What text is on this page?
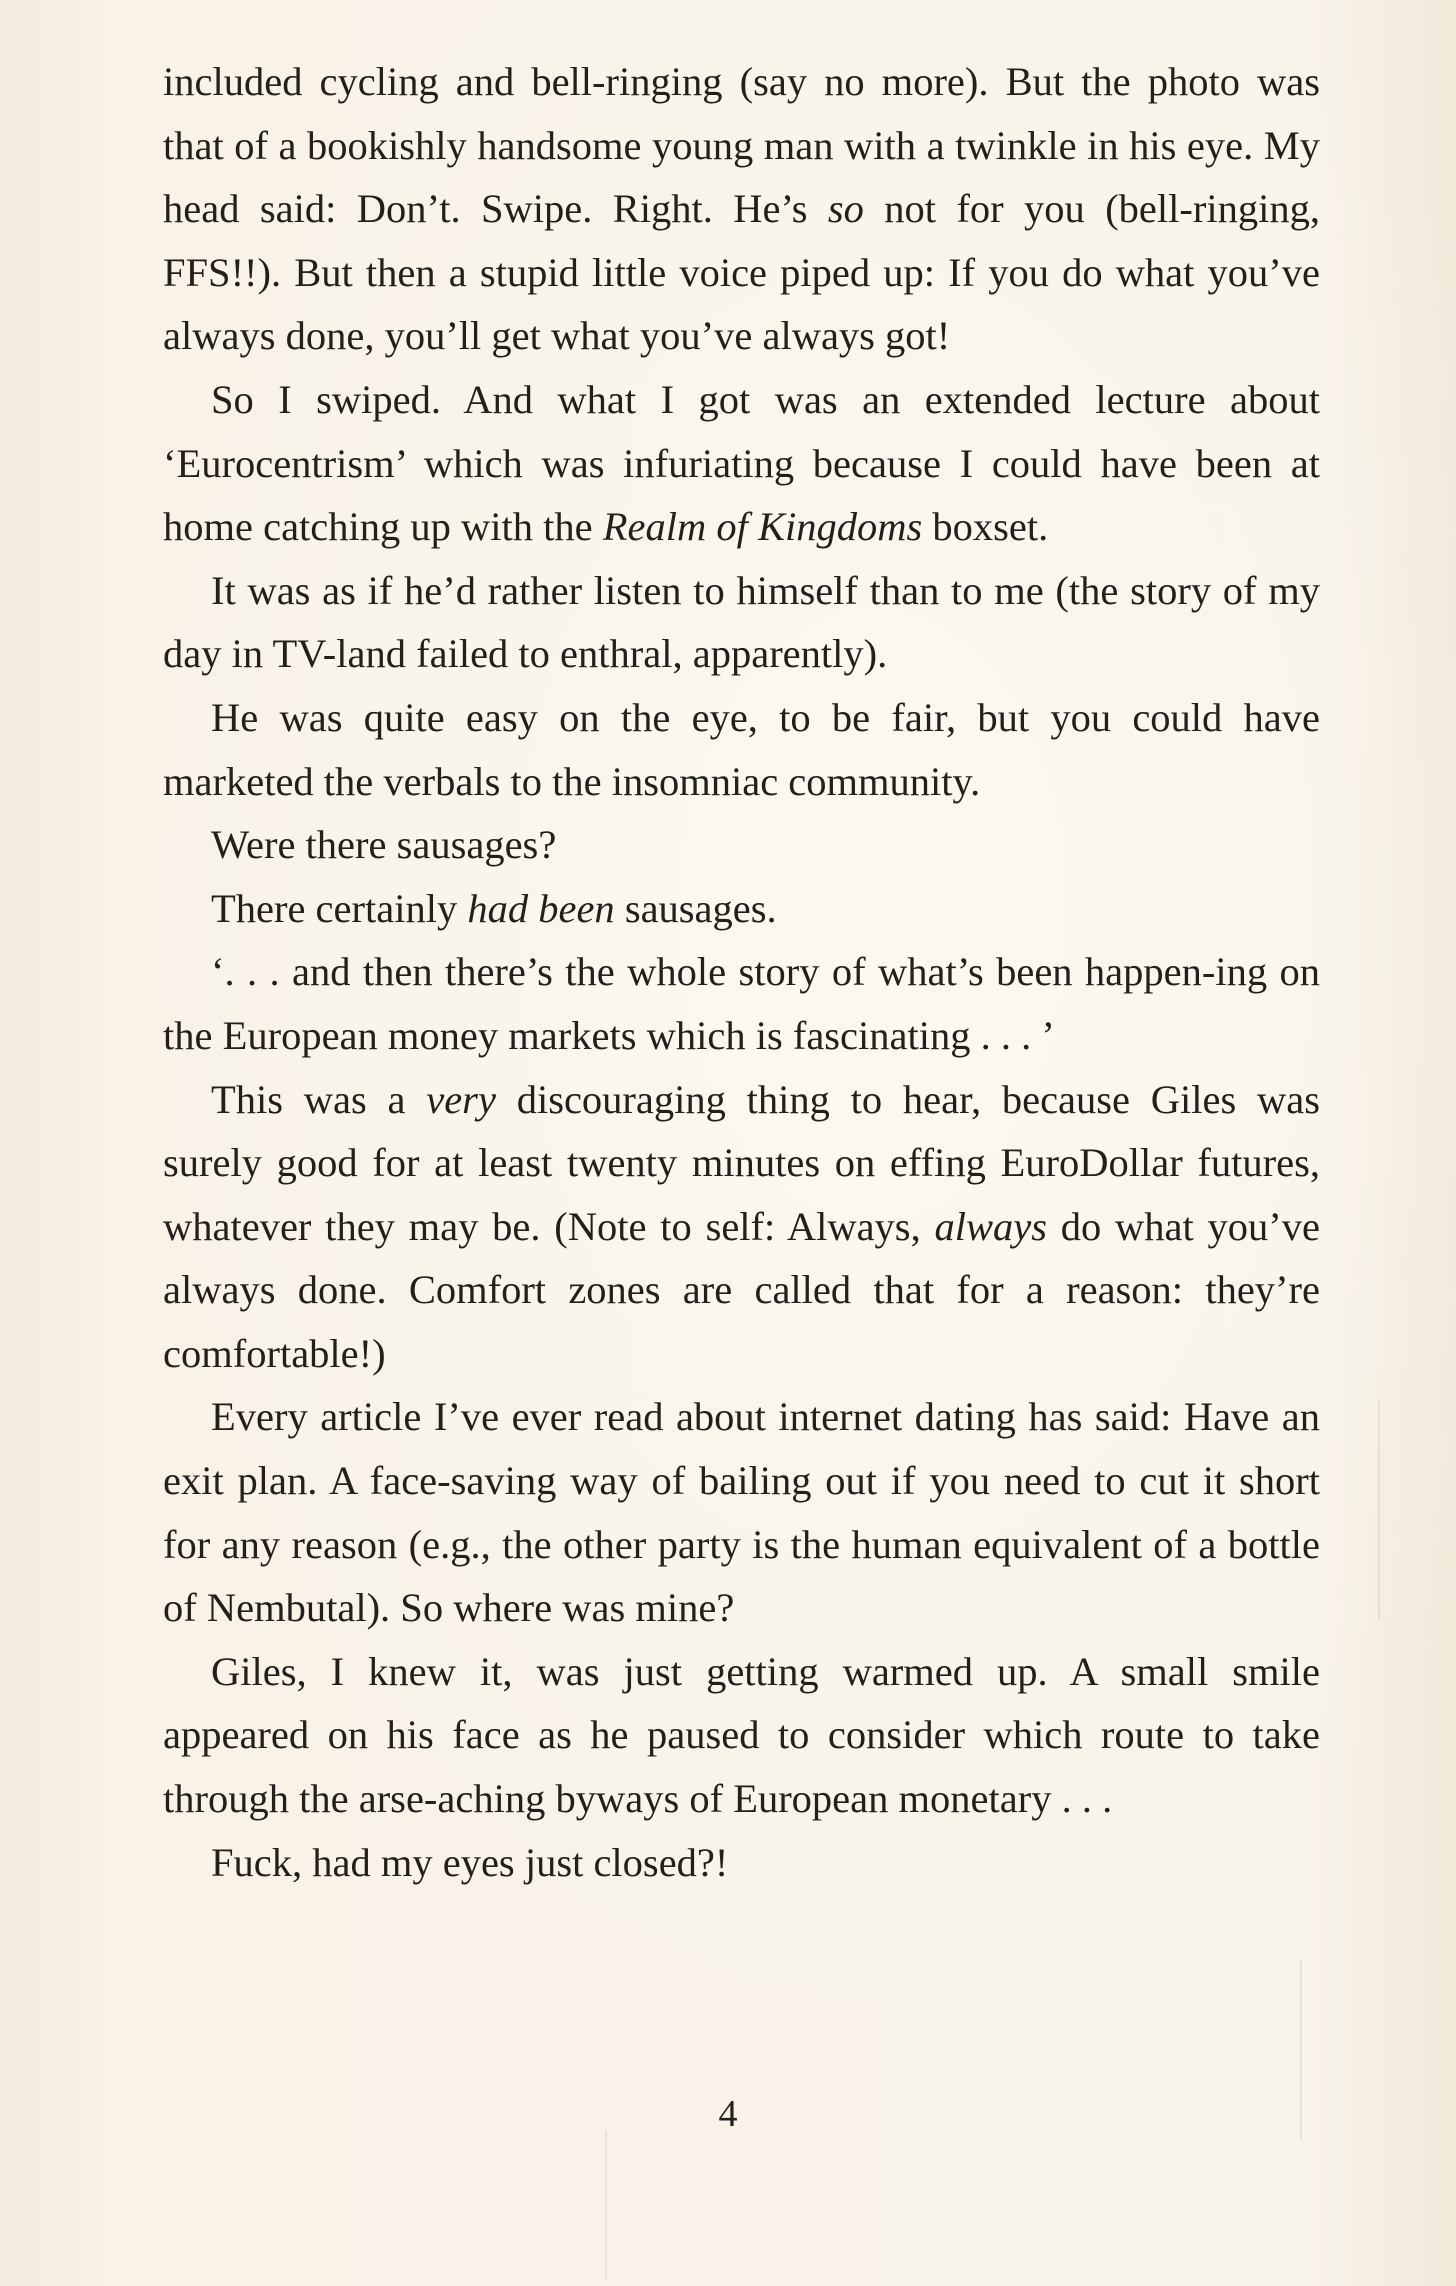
included cycling and bell-ringing (say no more). But the photo was that of a bookishly handsome young man with a twinkle in his eye. My head said: Don’t. Swipe. Right. He’s so not for you (bell-ringing, FFS!!). But then a stupid little voice piped up: If you do what you’ve always done, you’ll get what you’ve always got!

So I swiped. And what I got was an extended lecture about ‘Eurocentrism’ which was infuriating because I could have been at home catching up with the Realm of Kingdoms boxset.

It was as if he’d rather listen to himself than to me (the story of my day in TV-land failed to enthral, apparently).

He was quite easy on the eye, to be fair, but you could have marketed the verbals to the insomniac community.

Were there sausages?

There certainly had been sausages.

‘. . . and then there’s the whole story of what’s been happen-ing on the European money markets which is fascinating . . . ’

This was a very discouraging thing to hear, because Giles was surely good for at least twenty minutes on effing EuroDollar futures, whatever they may be. (Note to self: Always, always do what you’ve always done. Comfort zones are called that for a reason: they’re comfortable!)

Every article I’ve ever read about internet dating has said: Have an exit plan. A face-saving way of bailing out if you need to cut it short for any reason (e.g., the other party is the human equivalent of a bottle of Nembutal). So where was mine?

Giles, I knew it, was just getting warmed up. A small smile appeared on his face as he paused to consider which route to take through the arse-aching byways of European monetary . . .

Fuck, had my eyes just closed?!

4
